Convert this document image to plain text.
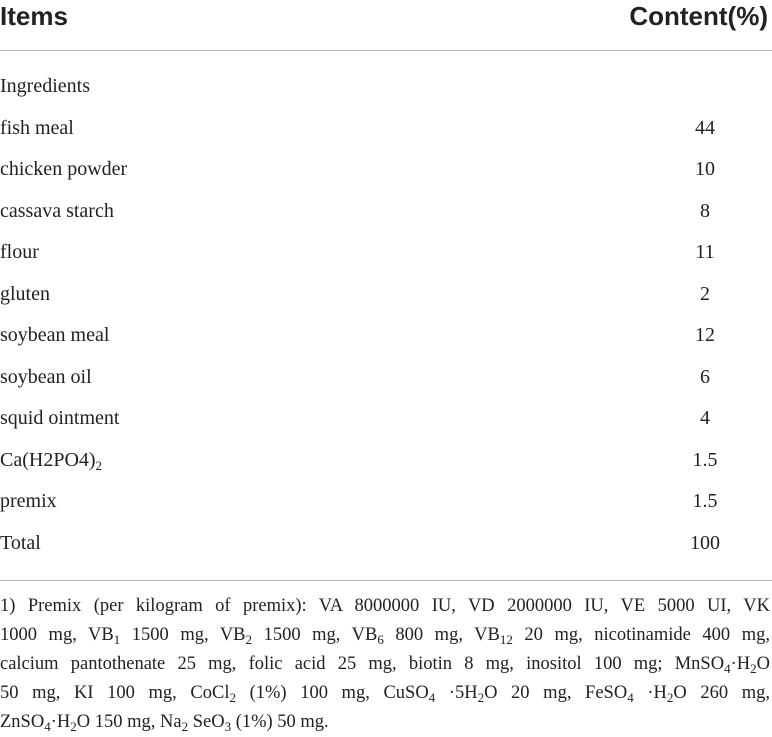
Items	Content(%)
Ingredients
fish meal	44
chicken powder	10
cassava starch	8
flour	11
gluten	2
soybean meal	12
soybean oil	6
squid ointment	4
$Ca(H2PO4)_2$	1.5
premix	1.5
Total	100
1) Premix (per kilogram of premix): VA 8000000 IU, VD 2000000 IU, VE 5000 UI, VK
1000 mg, $VB_1$ 1500 mg, $VB_2$ 1500 mg, $VB_6$ 800 mg, $VB_{12}$ 20 mg, nicotinamide 400 mg,
calcium pantothenate 25 mg, folic acid 25 mg, biotin 8 mg, inositol 100 mg; $MnSO_4\cdot H_2O$
50 mg, KI 100 mg, CoCl$_2$ (1%) 100 mg, CuSO$_4$ $\cdot 5H_2O$ 20 mg, FeSO$_4$ $\cdot H_2O$ 260 mg,
$ZnSO_4\cdot H_2O$ 150 mg, $Na_2$ SeO$_3$ (1%) 50 mg.
